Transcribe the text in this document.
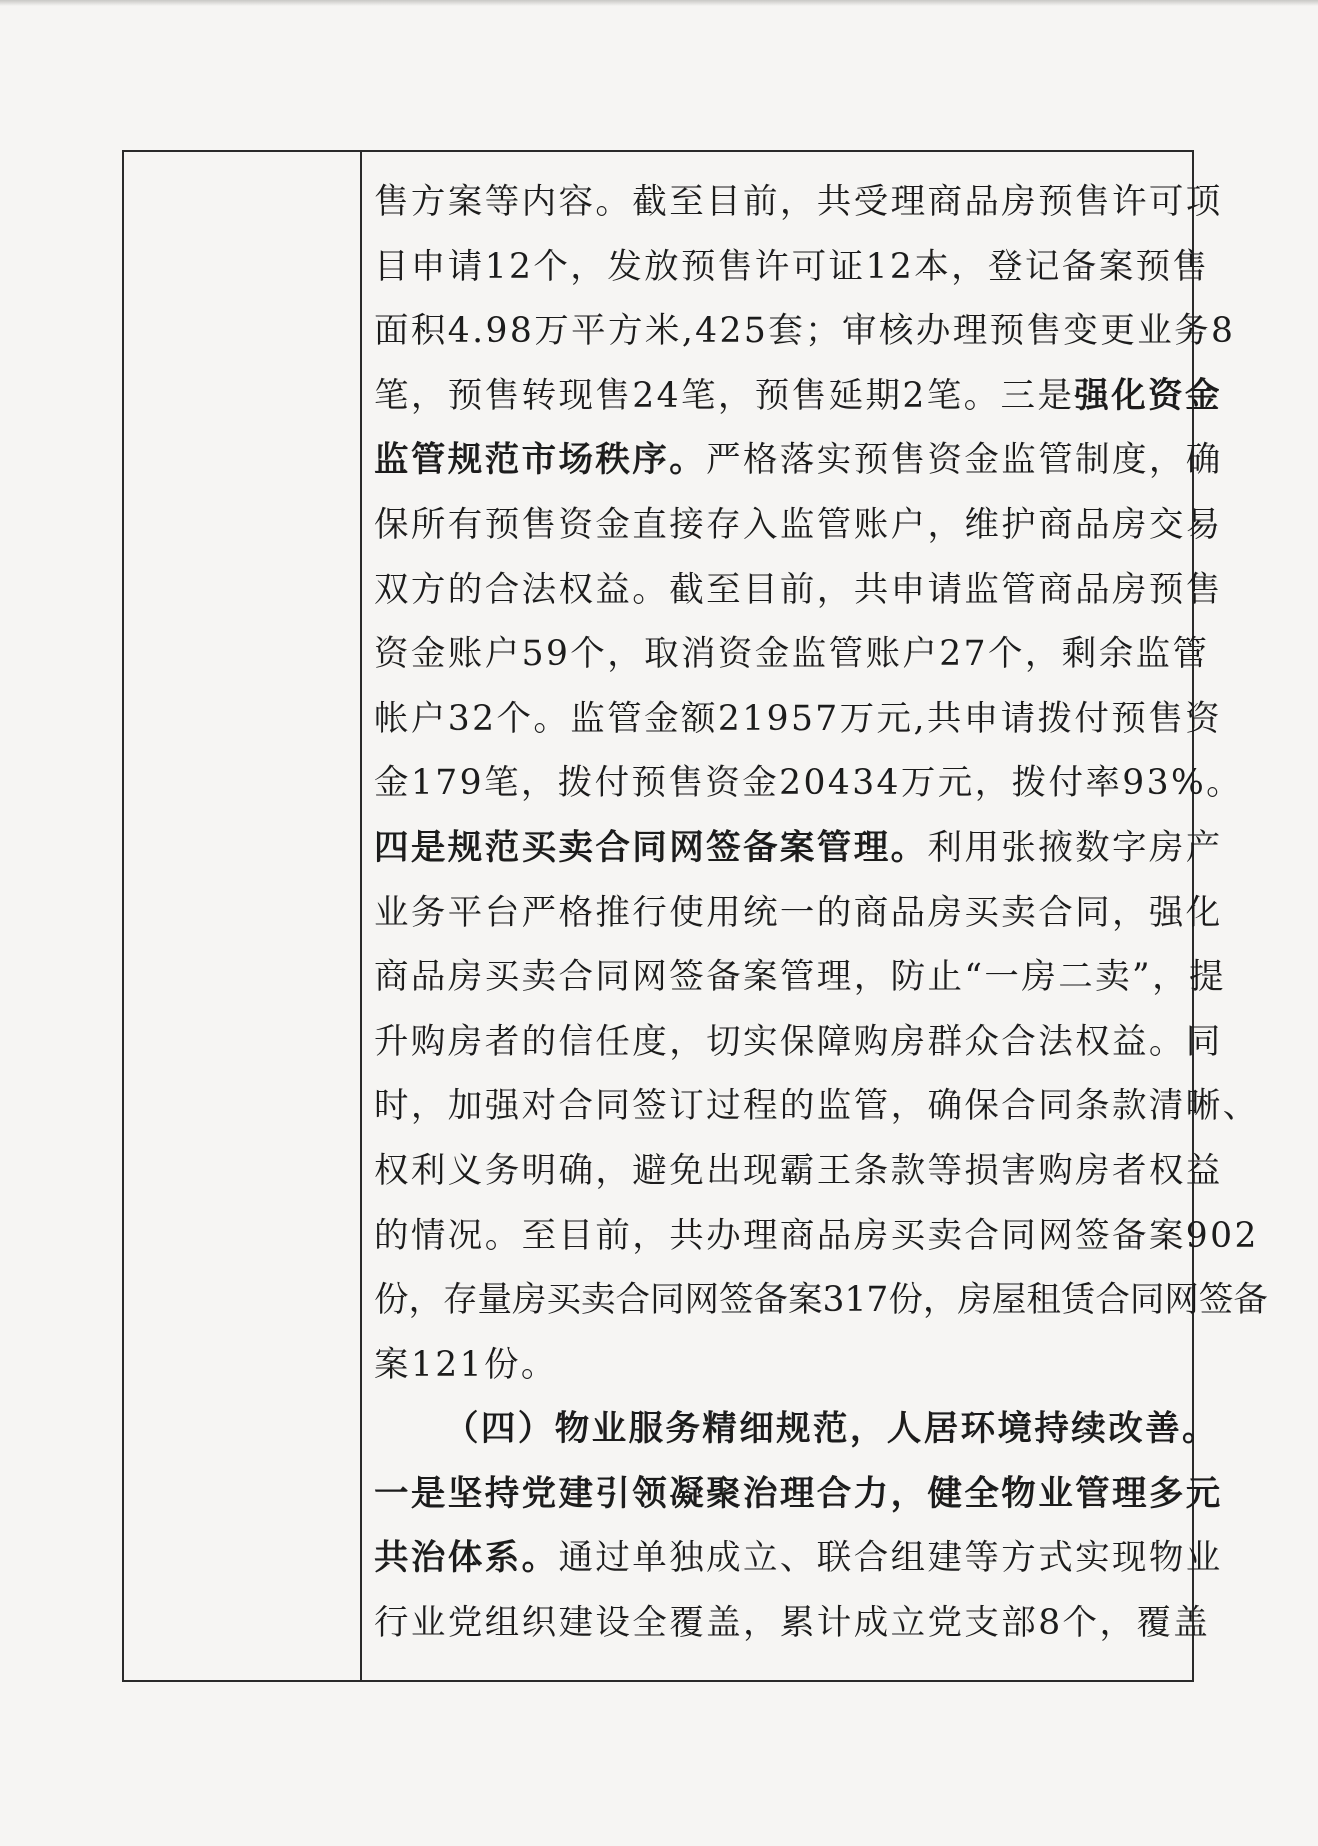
售方案等内容。截至目前，共受理商品房预售许可项
目申请12个，发放预售许可证12本，登记备案预售
面积4.98万平方米,425套；审核办理预售变更业务8
笔，预售转现售24笔，预售延期2笔。三是强化资金
监管规范市场秩序。严格落实预售资金监管制度，确
保所有预售资金直接存入监管账户，维护商品房交易
双方的合法权益。截至目前，共申请监管商品房预售
资金账户59个，取消资金监管账户27个，剩余监管
帐户32个。监管金额21957万元,共申请拨付预售资
金179笔，拨付预售资金20434万元，拨付率93%。
四是规范买卖合同网签备案管理。利用张掖数字房产
业务平台严格推行使用统一的商品房买卖合同，强化
商品房买卖合同网签备案管理，防止“一房二卖”，提
升购房者的信任度，切实保障购房群众合法权益。同
时，加强对合同签订过程的监管，确保合同条款清晰、
权利义务明确，避免出现霸王条款等损害购房者权益
的情况。至目前，共办理商品房买卖合同网签备案902
份，存量房买卖合同网签备案317份，房屋租赁合同网签备
案121份。
（四）物业服务精细规范，人居环境持续改善。
一是坚持党建引领凝聚治理合力，健全物业管理多元
共治体系。通过单独成立、联合组建等方式实现物业
行业党组织建设全覆盖，累计成立党支部8个，覆盖
